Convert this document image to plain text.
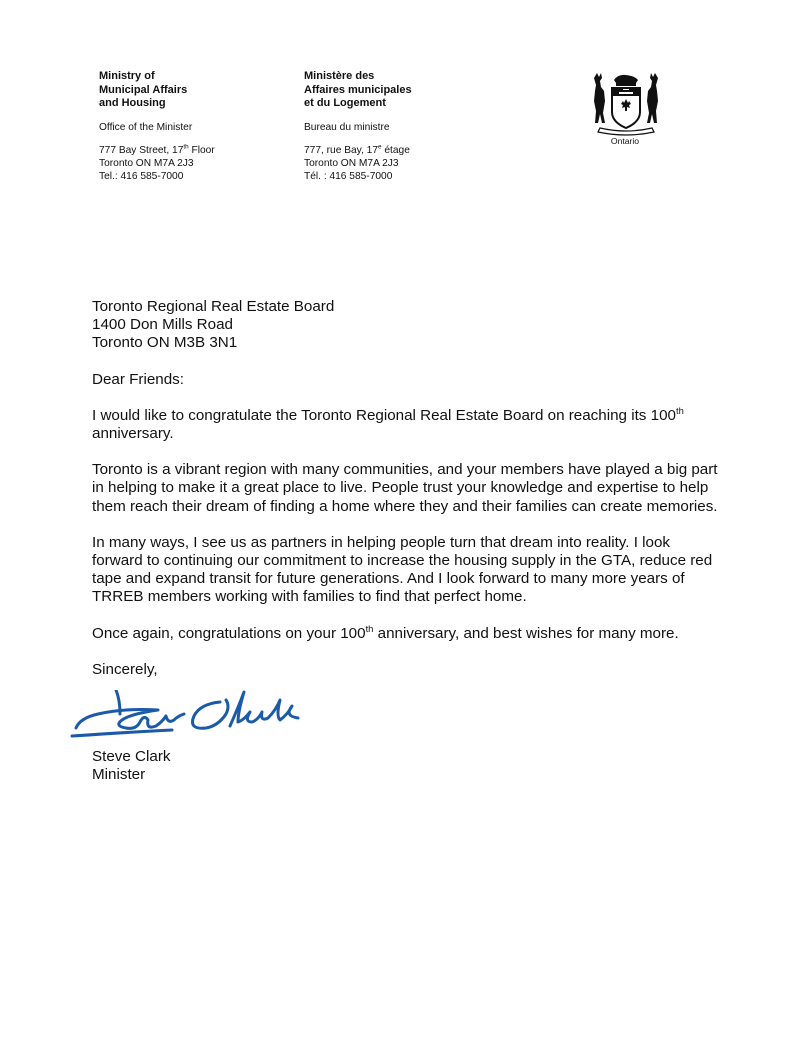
Ministry of
Municipal Affairs
and Housing
Office of the Minister
777 Bay Street, 17th Floor
Toronto ON M7A 2J3
Tel.: 416 585-7000
Ministère des
Affaires municipales
et du Logement
Bureau du ministre
777, rue Bay, 17e étage
Toronto ON M7A 2J3
Tél. : 416 585-7000
Ontario
Toronto Regional Real Estate Board
1400 Don Mills Road
Toronto ON M3B 3N1

Dear Friends:

I would like to congratulate the Toronto Regional Real Estate Board on reaching its 100th anniversary.

Toronto is a vibrant region with many communities, and your members have played a big part in helping to make it a great place to live. People trust your knowledge and expertise to help them reach their dream of finding a home where they and their families can create memories.

In many ways, I see us as partners in helping people turn that dream into reality. I look forward to continuing our commitment to increase the housing supply in the GTA, reduce red tape and expand transit for future generations. And I look forward to many more years of TRREB members working with families to find that perfect home.

Once again, congratulations on your 100th anniversary, and best wishes for many more.

Sincerely,

Steve Clark
Minister
